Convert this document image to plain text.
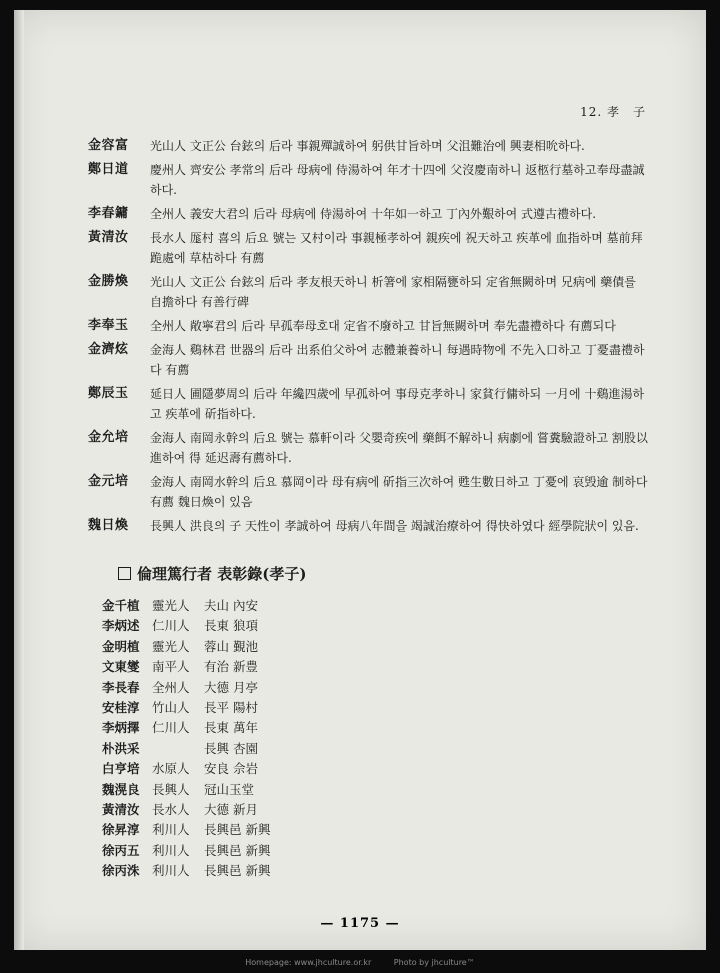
12. 孝　子
金容富	光山人 文正公 台鉉의 后라 事親殫誠하여 躬供甘旨하며 父沮難治에 興妻相吮하다.
鄭日道	慶州人 齊安公 孝常의 后라 母病에 侍湯하여 年才十四에 父沒慶南하니 返柩行墓하고奉母盡誠하다.
李春鏞	全州人 義安大君의 后라 母病에 侍湯하여 十年如一하고 丁內外艱하여 式遵古禮하다.
黃清汝	長水人 厖村 喜의 后요 號는 又村이라 事親極孝하여 親疾에 祝天하고 疾革에 血指하며 墓前拜跪處에 草枯하다 有薦
金勝煥	光山人 文正公 台鉉의 后라 孝友根天하니 析箸에 家相隔甕하되 定省無闕하며 兄病에 藥債를 自擔하다 有善行碑
李奉玉	全州人 敞寧君의 后라 早孤奉母호대 定省不廢하고 甘旨無闕하며 奉先盡禮하다 有薦되다
金濟炫	金海人 鷄林君 世器의 后라 出系伯父하여 志體兼養하니 每遇時物에 不先入口하고 丁憂盡禮하다 有薦
鄭辰玉	延日人 圃隱夢周의 后라 年纔四歲에 早孤하여 事母克孝하니 家貧行傭하되 一月에 十鷄進湯하고 疾革에 斫指하다.
金允培	金海人 南岡永幹의 后요 號는 慕軒이라 父嬰奇疾에 藥餌不解하니 病劇에 嘗糞驗證하고 割股以進하여 得 延迟壽有薦하다.
金元培	金海人 南岡水幹의 后요 慕岡이라 母有病에 斫指三次하여 甦生數日하고 丁憂에 哀毁逾 制하다 有薦 魏日煥이 있음
魏日煥	長興人 洪良의 子 天性이 孝誠하여 母病八年間을 竭誠治療하여 得快하였다 經學院狀이 있음.
倫理篤行者 表彰錄(孝子)
金千植 靈光人	夫山 內安
李炳述 仁川人	長東 狼項
金明植 靈光人	蓉山 覲池
文東燮 南平人	有治 新豊
李長春 全州人	大德 月亭
安桂淳 竹山人	長平 陽村
李炳擇 仁川人	長東 萬年
朴洪采	長興 杏園
白亨培 水原人	安良 佘岩
魏滉良 長興人	冠山玉堂
黃清汝 長水人	大德 新月
徐昇淳 利川人	長興邑 新興
徐丙五 利川人	長興邑 新興
徐丙洙 利川人	長興邑 新興
— 1175 —
Homepage: www.jhculture.or.kr	Photo by jhculture™
